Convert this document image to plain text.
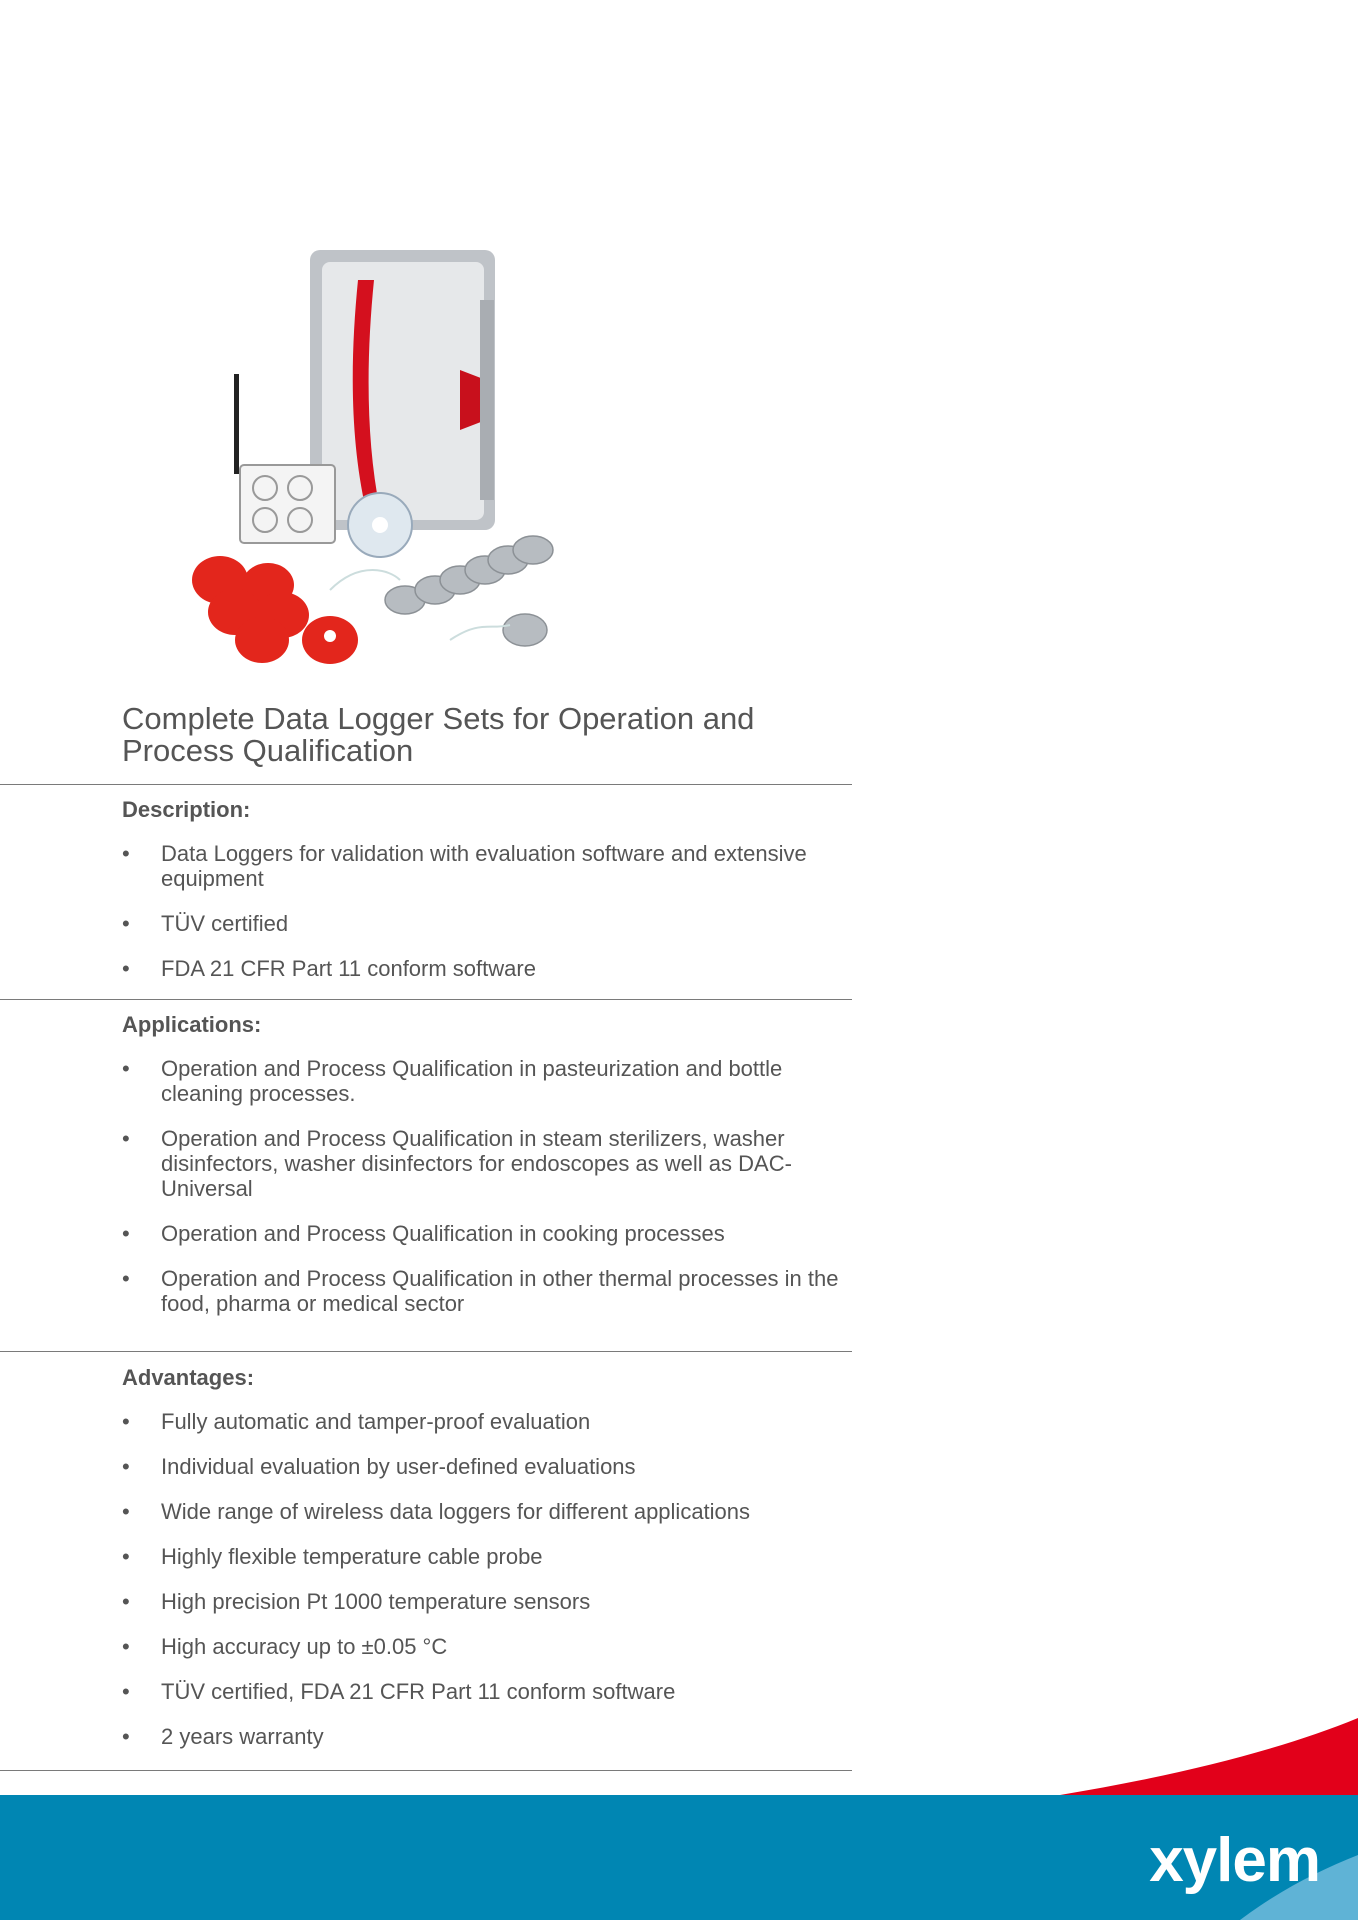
Complete Data Logger Sets for Operation and Process Qualification
Description:
• Data Loggers for validation with evaluation software and extensive equipment
• TÜV certified
• FDA 21 CFR Part 11 conform software
Applications:
• Operation and Process Qualification in pasteurization and bottle cleaning processes.
• Operation and Process Qualification in steam sterilizers, washer disinfectors, washer disinfectors for endoscopes as well as DAC-Universal
• Operation and Process Qualification in cooking processes
• Operation and Process Qualification in other thermal processes in the food, pharma or medical sector
Advantages:
• Fully automatic and tamper-proof evaluation
• Individual evaluation by user-defined evaluations
• Wide range of wireless data loggers for different applications
• Highly flexible temperature cable probe
• High precision Pt 1000 temperature sensors
• High accuracy up to ±0.05 °C
• TÜV certified, FDA 21 CFR Part 11 conform software
• 2 years warranty
xylem
